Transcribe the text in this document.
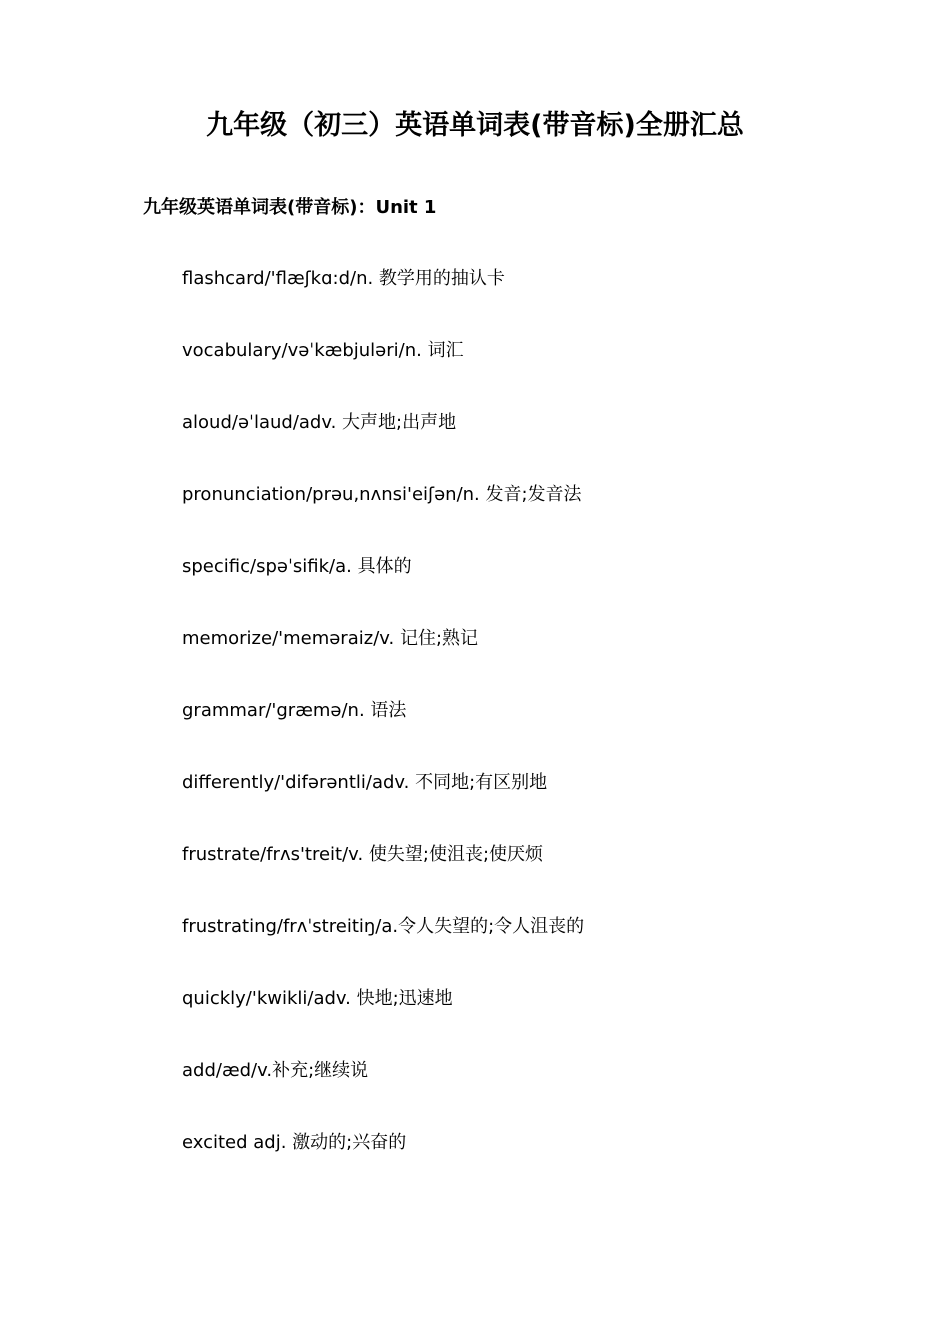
九年级（初三）英语单词表(带音标)全册汇总
九年级英语单词表(带音标)：Unit 1
flashcard/'flæʃkɑ:d/n. 教学用的抽认卡
vocabulary/vəˈkæbjuləri/n. 词汇
aloud/əˈlaud/adv. 大声地;出声地
pronunciation/prəu,nʌnsi'eiʃən/n. 发音;发音法
specific/spəˈsifik/a. 具体的
memorize/'meməraiz/v. 记住;熟记
grammar/'græmə/n. 语法
differently/'difərəntli/adv. 不同地;有区别地
frustrate/frʌs'treit/v. 使失望;使沮丧;使厌烦
frustrating/frʌˈstreitiŋ/a.令人失望的;令人沮丧的
quickly/'kwikli/adv. 快地;迅速地
add/æd/v.补充;继续说
excited adj. 激动的;兴奋的
